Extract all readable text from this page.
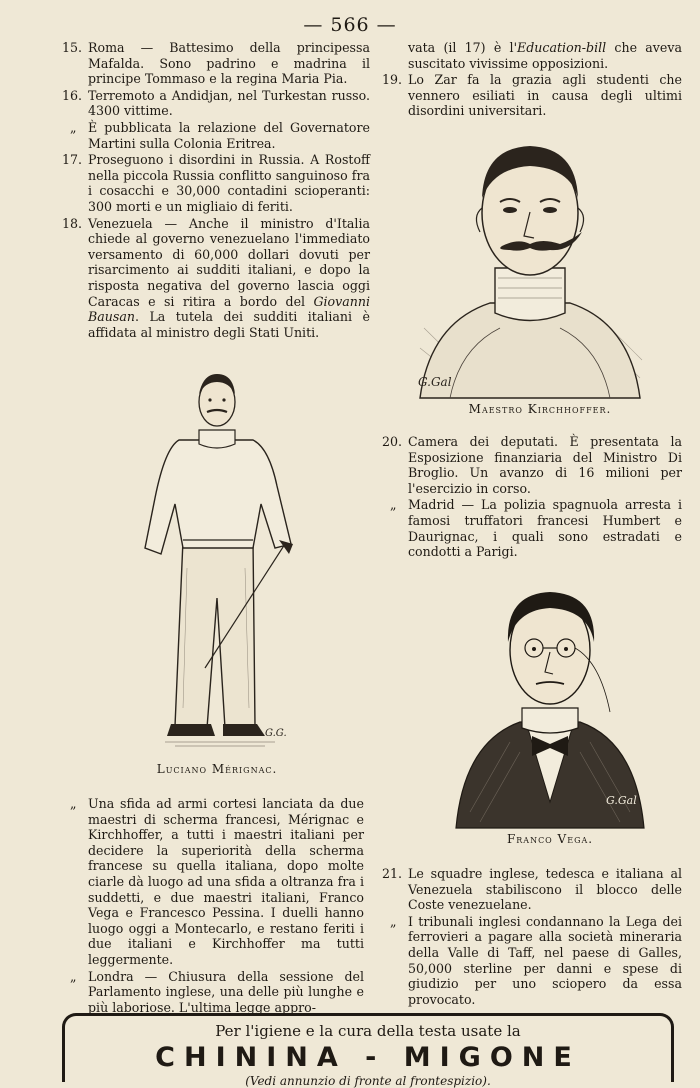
— 566 —
15. Roma — Battesimo della principessa Mafalda. Sono padrino e madrina il principe Tommaso e la regina Maria Pia.
16. Terremoto a Andidjan, nel Turkestan russo. 4300 vittime.
„ È pubblicata la relazione del Governatore Martini sulla Colonia Eritrea.
17. Proseguono i disordini in Russia. A Rostoff nella piccola Russia conflitto sanguinoso fra i cosacchi e 30,000 contadini scioperanti: 300 morti e un migliaio di feriti.
18. Venezuela — Anche il ministro d'Italia chiede al governo venezuelano l'immediato versamento di 60,000 dollari dovuti per risarcimento ai sudditi italiani, e dopo la risposta negativa del governo lascia oggi Caracas e si ritira a bordo del Giovanni Bausan. La tutela dei sudditi italiani è affidata al ministro degli Stati Uniti.
vata (il 17) è l'Education-bill che aveva suscitato vivissime opposizioni.
19. Lo Zar fa la grazia agli studenti che vennero esiliati in causa degli ultimi disordini universitari.
G.Gal
Maestro Kirchhoffer.
20. Camera dei deputati. È presentata la Esposizione finanziaria del Ministro Di Broglio. Un avanzo di 16 milioni per l'esercizio in corso.
„ Madrid — La polizia spagnuola arresta i famosi truffatori francesi Humbert e Daurignac, i quali sono estradati e condotti a Parigi.
G.G.
Luciano Mérignac.
G.Gal
Franco Vega.
„ Una sfida ad armi cortesi lanciata da due maestri di scherma francesi, Mérignac e Kirchhoffer, a tutti i maestri italiani per decidere la superiorità della scherma francese su quella italiana, dopo molte ciarle dà luogo ad una sfida a oltranza fra i suddetti, e due maestri italiani, Franco Vega e Francesco Pessina. I duelli hanno luogo oggi a Montecarlo, e restano feriti i due italiani e Kirchhoffer ma tutti leggermente.
„ Londra — Chiusura della sessione del Parlamento inglese, una delle più lunghe e più laboriose. L'ultima legge appro-
21. Le squadre inglese, tedesca e italiana al Venezuela stabiliscono il blocco delle Coste venezuelane.
„ I tribunali inglesi condannano la Lega dei ferrovieri a pagare alla società mineraria della Valle di Taff, nel paese di Galles, 50,000 sterline per danni e spese di giudizio per uno sciopero da essa provocato.
Per l'igiene e la cura della testa usate la
CHININA - MIGONE
(Vedi annunzio di fronte al frontespizio).
